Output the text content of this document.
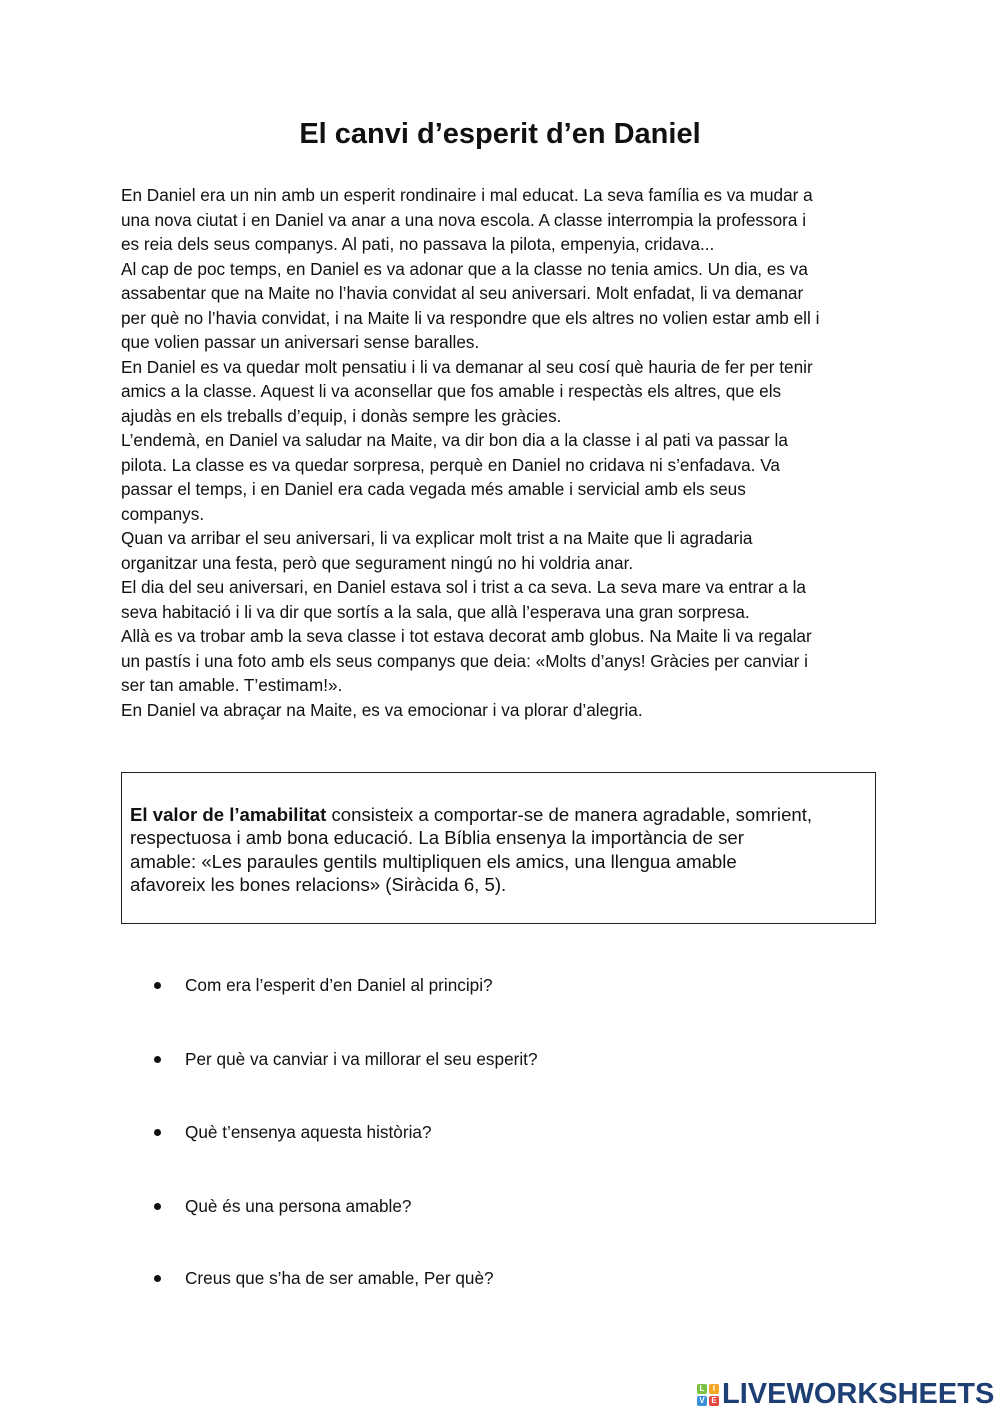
El canvi d’esperit d’en Daniel
En Daniel era un nin amb un esperit rondinaire i mal educat. La seva família es va mudar a
una nova ciutat i en Daniel va anar a una nova escola. A classe interrompia la professora i
es reia dels seus companys. Al pati, no passava la pilota, empenyia, cridava...
Al cap de poc temps, en Daniel es va adonar que a la classe no tenia amics. Un dia, es va
assabentar que na Maite no l’havia convidat al seu aniversari. Molt enfadat, li va demanar
per què no l’havia convidat, i na Maite li va respondre que els altres no volien estar amb ell i
que volien passar un aniversari sense baralles.
En Daniel es va quedar molt pensatiu i li va demanar al seu cosí què hauria de fer per tenir
amics a la classe. Aquest li va aconsellar que fos amable i respectàs els altres, que els
ajudàs en els treballs d’equip, i donàs sempre les gràcies.
L’endemà, en Daniel va saludar na Maite, va dir bon dia a la classe i al pati va passar la
pilota. La classe es va quedar sorpresa, perquè en Daniel no cridava ni s’enfadava. Va
passar el temps, i en Daniel era cada vegada més amable i servicial amb els seus
companys.
Quan va arribar el seu aniversari, li va explicar molt trist a na Maite que li agradaria
organitzar una festa, però que segurament ningú no hi voldria anar.
El dia del seu aniversari, en Daniel estava sol i trist a ca seva. La seva mare va entrar a la
seva habitació i li va dir que sortís a la sala, que allà l’esperava una gran sorpresa.
Allà es va trobar amb la seva classe i tot estava decorat amb globus. Na Maite li va regalar
un pastís i una foto amb els seus companys que deia: «Molts d’anys! Gràcies per canviar i
ser tan amable. T’estimam!».
En Daniel va abraçar na Maite, es va emocionar i va plorar d’alegria.
El valor de l’amabilitat consisteix a comportar-se de manera agradable, somrient,
respectuosa i amb bona educació. La Bíblia ensenya la importància de ser
amable: «Les paraules gentils multipliquen els amics, una llengua amable
afavoreix les bones relacions» (Siràcida 6, 5).
Com era l’esperit d’en Daniel al principi?
Per què va canviar i va millorar el seu esperit?
Què t’ensenya aquesta història?
Què és una persona amable?
Creus que s’ha de ser amable, Per què?
L	I
V E LIVEWORKSHEETS
